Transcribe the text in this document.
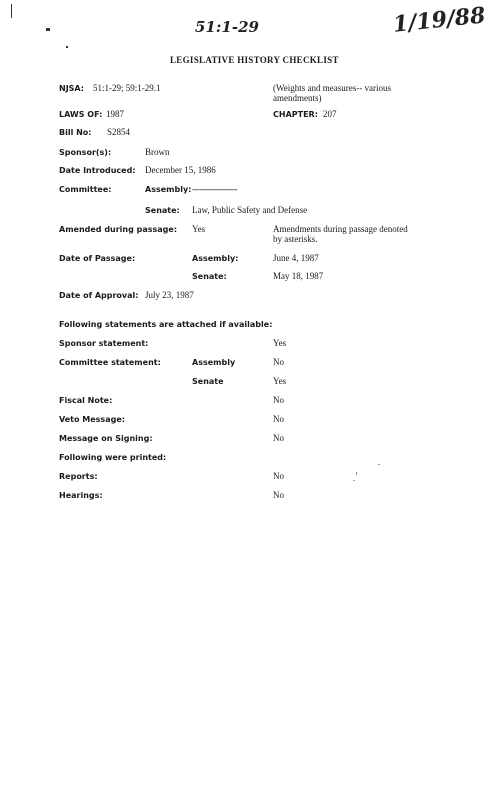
51:1-29	1/19/88
LEGISLATIVE HISTORY CHECKLIST
NJSA: 51:1-29; 59:1-29.1	(Weights and measures-- various
amendments)
LAWS OF: 1987	CHAPTER: 207
Bill No: S2854
Sponsor(s):	Brown
Date Introduced: December 15, 1986
Committee:	Assembly: ------------------
Senate: Law, Public Safety and Defense
Amended during passage: Yes	Amendments during passage denoted
by asterisks.
Date of Passage:	Assembly:	June 4, 1987
Senate:	May 18, 1987
Date of Approval: July 23, 1987
Following statements are attached if available:
Sponsor statement:	Yes
Committee statement:	Assembly	No
Senate	Yes
Fiscal Note:	No
Veto Message:	No
Message on Signing:	No
Following were printed:
Reports:	No
Hearings:	No
